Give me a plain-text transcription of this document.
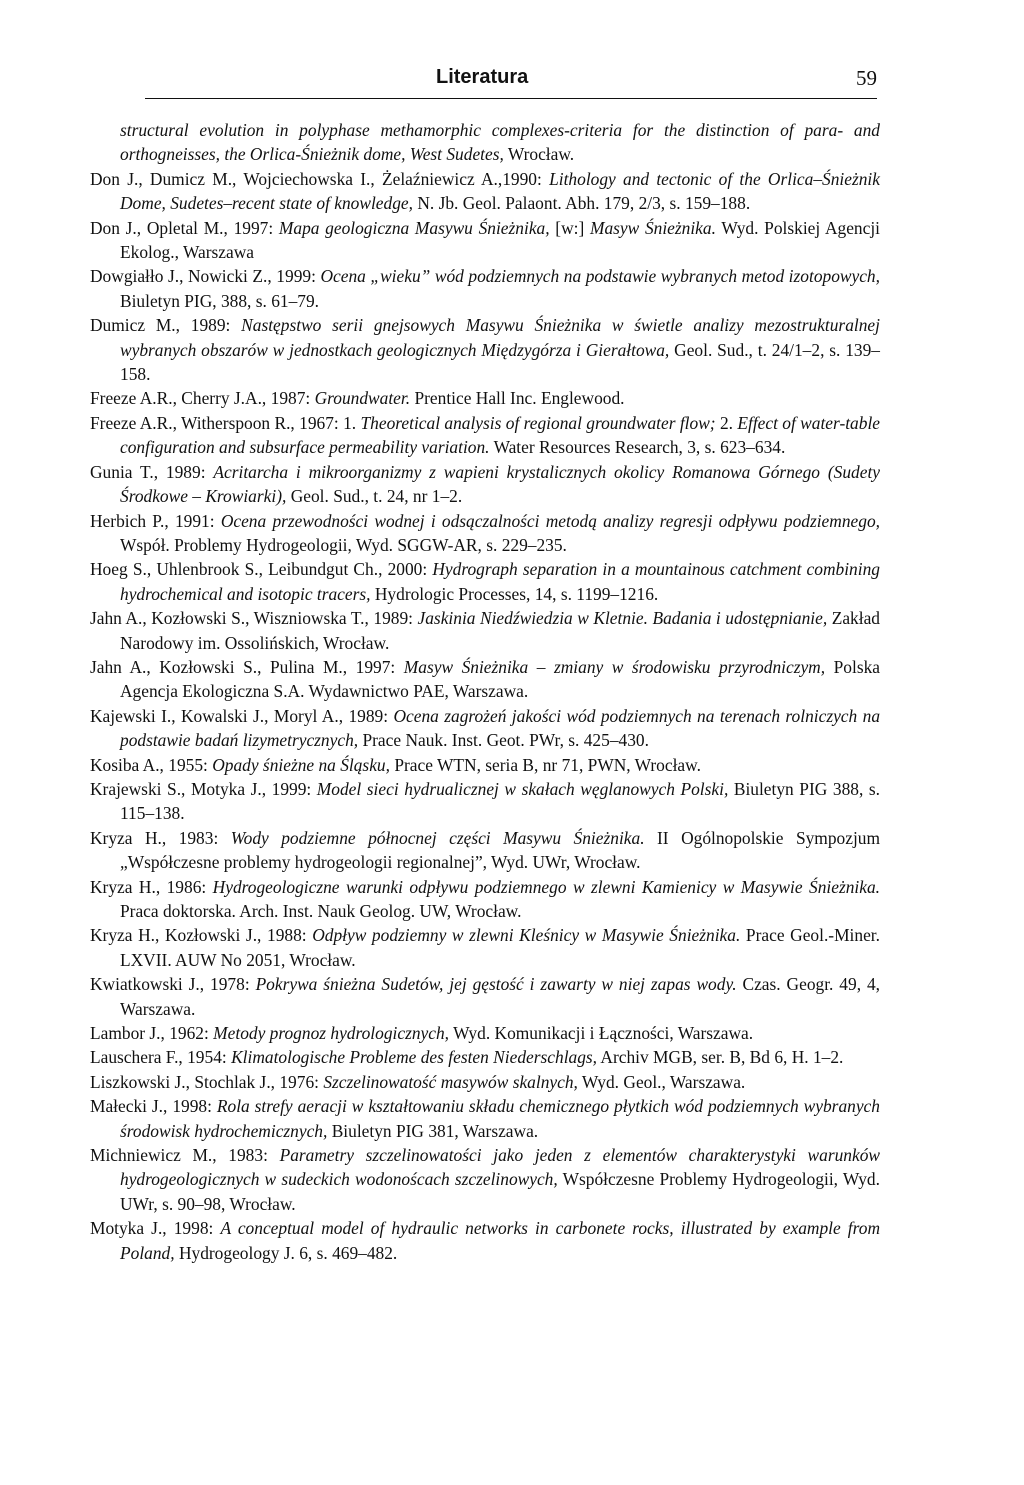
Literatura	59

structural evolution in polyphase methamorphic complexes-criteria for the distinction of para- and orthogneisses, the Orlica-Śnieżnik dome, West Sudetes, Wrocław.

Don J., Dumicz M., Wojciechowska I., Żelaźniewicz A.,1990: Lithology and tectonic of the Orlica–Śnieżnik Dome, Sudetes–recent state of knowledge, N. Jb. Geol. Palaont. Abh. 179, 2/3, s. 159–188.

Don J., Opletal M., 1997: Mapa geologiczna Masywu Śnieżnika, [w:] Masyw Śnieżnika. Wyd. Polskiej Agencji Ekolog., Warszawa

Dowgiałło J., Nowicki Z., 1999: Ocena „wieku” wód podziemnych na podstawie wybranych metod izotopowych, Biuletyn PIG, 388, s. 61–79.

Dumicz M., 1989: Następstwo serii gnejsowych Masywu Śnieżnika w świetle analizy mezostrukturalnej wybranych obszarów w jednostkach geologicznych Międzygórza i Gierałtowa, Geol. Sud., t. 24/1–2, s. 139–158.

Freeze A.R., Cherry J.A., 1987: Groundwater. Prentice Hall Inc. Englewood.

Freeze A.R., Witherspoon R., 1967: 1. Theoretical analysis of regional groundwater flow; 2. Effect of water-table configuration and subsurface permeability variation. Water Resources Research, 3, s. 623–634.

Gunia T., 1989: Acritarcha i mikroorganizmy z wapieni krystalicznych okolicy Romanowa Górnego (Sudety Środkowe – Krowiarki), Geol. Sud., t. 24, nr 1–2.

Herbich P., 1991: Ocena przewodności wodnej i odsączalności metodą analizy regresji odpływu podziemnego, Współ. Problemy Hydrogeologii, Wyd. SGGW-AR, s. 229–235.

Hoeg S., Uhlenbrook S., Leibundgut Ch., 2000: Hydrograph separation in a mountainous catchment combining hydrochemical and isotopic tracers, Hydrologic Processes, 14, s. 1199–1216.

Jahn A., Kozłowski S., Wiszniowska T., 1989: Jaskinia Niedźwiedzia w Kletnie. Badania i udostępnianie, Zakład Narodowy im. Ossolińskich, Wrocław.

Jahn A., Kozłowski S., Pulina M., 1997: Masyw Śnieżnika – zmiany w środowisku przyrodniczym, Polska Agencja Ekologiczna S.A. Wydawnictwo PAE, Warszawa.

Kajewski I., Kowalski J., Moryl A., 1989: Ocena zagrożeń jakości wód podziemnych na terenach rolniczych na podstawie badań lizymetrycznych, Prace Nauk. Inst. Geot. PWr, s. 425–430.

Kosiba A., 1955: Opady śnieżne na Śląsku, Prace WTN, seria B, nr 71, PWN, Wrocław.

Krajewski S., Motyka J., 1999: Model sieci hydrualicznej w skałach węglanowych Polski, Biuletyn PIG 388, s. 115–138.

Kryza H., 1983: Wody podziemne północnej części Masywu Śnieżnika. II Ogólnopolskie Sympozjum „Współczesne problemy hydrogeologii regionalnej”, Wyd. UWr, Wrocław.

Kryza H., 1986: Hydrogeologiczne warunki odpływu podziemnego w zlewni Kamienicy w Masywie Śnieżnika. Praca doktorska. Arch. Inst. Nauk Geolog. UW, Wrocław.

Kryza H., Kozłowski J., 1988: Odpływ podziemny w zlewni Kleśnicy w Masywie Śnieżnika. Prace Geol.-Miner. LXVII. AUW No 2051, Wrocław.

Kwiatkowski J., 1978: Pokrywa śnieżna Sudetów, jej gęstość i zawarty w niej zapas wody. Czas. Geogr. 49, 4, Warszawa.

Lambor J., 1962: Metody prognoz hydrologicznych, Wyd. Komunikacji i Łączności, Warszawa.

Lauschera F., 1954: Klimatologische Probleme des festen Niederschlags, Archiv MGB, ser. B, Bd 6, H. 1–2.

Liszkowski J., Stochlak J., 1976: Szczelinowatość masywów skalnych, Wyd. Geol., Warszawa.

Małecki J., 1998: Rola strefy aeracji w kształtowaniu składu chemicznego płytkich wód podziemnych wybranych środowisk hydrochemicznych, Biuletyn PIG 381, Warszawa.

Michniewicz M., 1983: Parametry szczelinowatości jako jeden z elementów charakterystyki warunków hydrogeologicznych w sudeckich wodonoścach szczelinowych, Współczesne Problemy Hydrogeologii, Wyd. UWr, s. 90–98, Wrocław.

Motyka J., 1998: A conceptual model of hydraulic networks in carbonete rocks, illustrated by example from Poland, Hydrogeology J. 6, s. 469–482.
